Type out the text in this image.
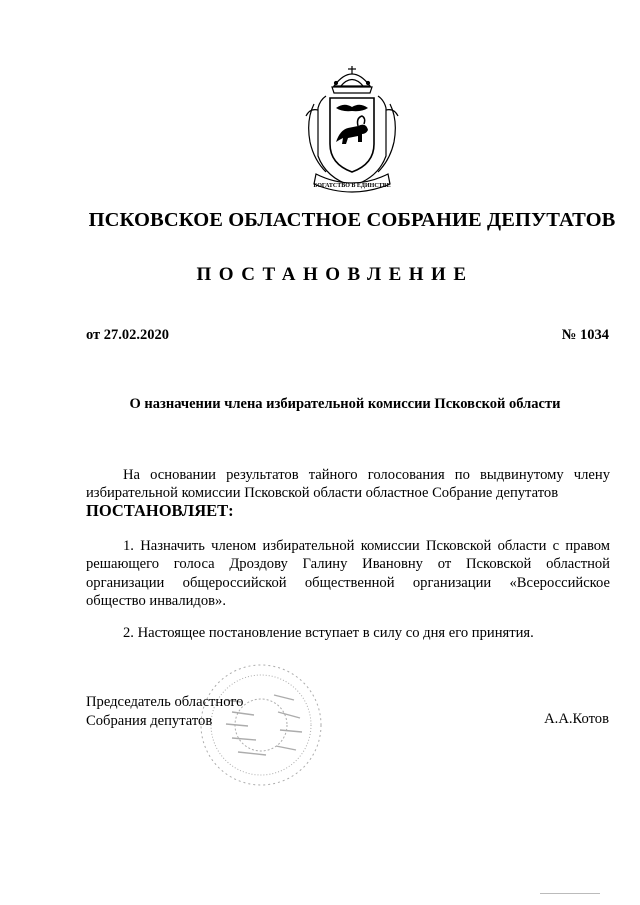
БОГАТСТВО В ЕДИНСТВЕ
ПСКОВСКОЕ ОБЛАСТНОЕ СОБРАНИЕ ДЕПУТАТОВ
ПОСТАНОВЛЕНИЕ
от 27.02.2020	№ 1034
О назначении члена избирательной комиссии Псковской области
На основании результатов тайного голосования по выдвинутому члену избирательной комиссии Псковской области областное Собрание депутатов
ПОСТАНОВЛЯЕТ:
1. Назначить членом избирательной комиссии Псковской области с правом решающего голоса Дроздову Галину Ивановну от Псковской областной организации общероссийской общественной организации «Всероссийское общество инвалидов».
2. Настоящее постановление вступает в силу со дня его принятия.
Председатель областного
Собрания депутатов	А.А.Котов
